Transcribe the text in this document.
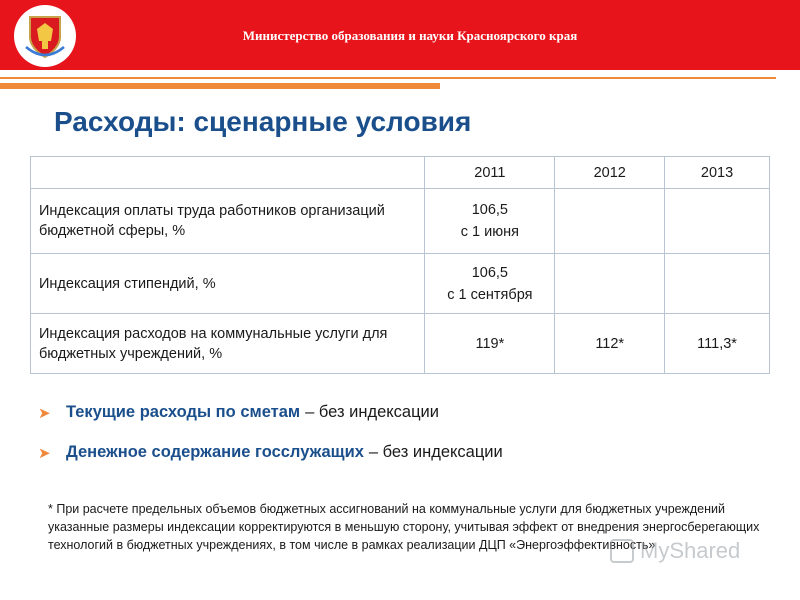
Министерство образования и науки Красноярского края
Расходы: сценарные условия
	2011	2012	2013
Индексация оплаты труда работников организаций бюджетной сферы, %	106,5
с 1 июня		

Индексация стипендий, %	106,5
с 1 сентября		

Индексация расходов на коммунальные услуги для бюджетных учреждений, %	119*	112*	111,3*
➤ Текущие расходы по сметам – без индексации
➤ Денежное содержание госслужащих – без индексации
* При расчете предельных объемов бюджетных ассигнований на коммунальные услуги для бюджетных учреждений указанные размеры индексации корректируются в меньшую сторону, учитывая эффект от внедрения энергосберегающих технологий в бюджетных учреждениях, в том числе в рамках реализации ДЦП «Энергоэффективность»
MyShared
